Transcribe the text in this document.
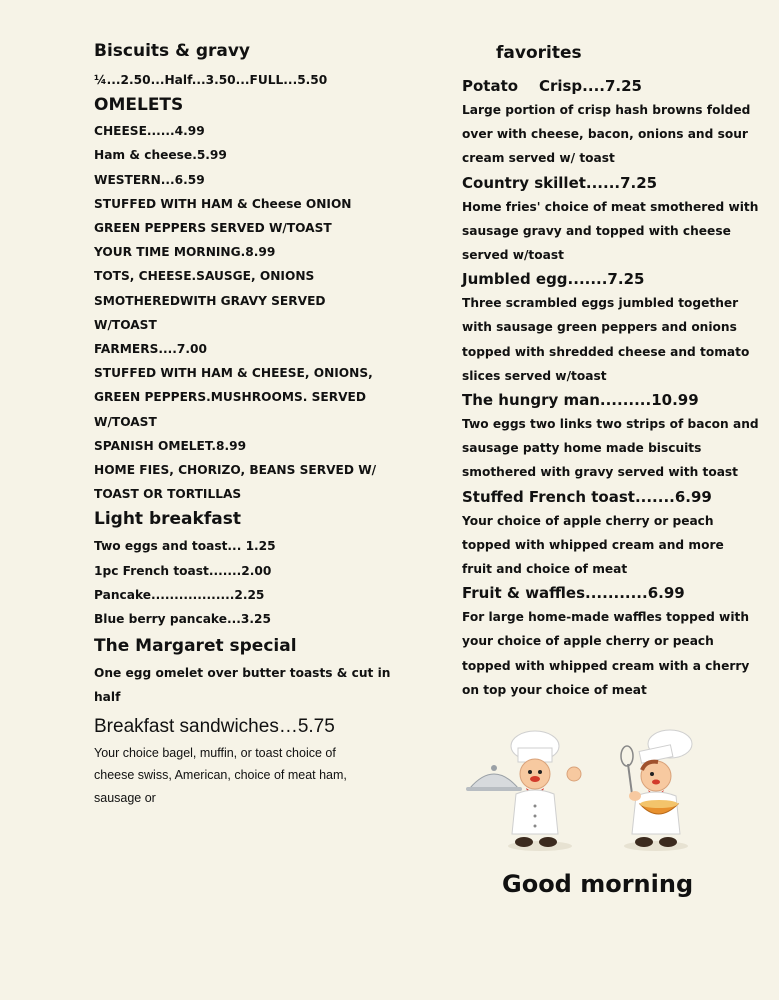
Biscuits & gravy
¼...2.50...Half...3.50...FULL...5.50
OMELETS
CHEESE......4.99
Ham & cheese.5.99
WESTERN...6.59
STUFFED WITH HAM & Cheese ONION
GREEN PEPPERS SERVED W/TOAST
YOUR TIME MORNING.8.99
TOTS, CHEESE.SAUSGE, ONIONS
SMOTHEREDWITH GRAVY SERVED
W/TOAST
FARMERS....7.00
STUFFED WITH HAM & CHEESE, ONIONS,
GREEN PEPPERS.MUSHROOMS. SERVED
W/TOAST
SPANISH OMELET.8.99
HOME FIES, CHORIZO, BEANS SERVED W/
TOAST OR TORTILLAS
Light breakfast
Two eggs and toast... 1.25
1pc French toast.......2.00
Pancake..................2.25
Blue berry pancake...3.25
The Margaret special
One egg omelet over butter toasts & cut in
half
Breakfast sandwiches…5.75
Your choice bagel, muffin, or toast choice of
cheese swiss, American, choice of meat ham,
sausage or
favorites
Potato    Crisp....7.25
Large portion of crisp hash browns folded
over with cheese, bacon, onions and sour
cream served w/ toast
Country skillet......7.25
Home fries' choice of meat smothered with
sausage gravy and topped with cheese
served w/toast
Jumbled egg.......7.25
Three scrambled eggs jumbled together
with sausage green peppers and onions
topped with shredded cheese and tomato
slices served w/toast
The hungry man.........10.99
Two eggs two links two strips of bacon and
sausage patty home made biscuits
smothered with gravy served with toast
Stuffed French toast.......6.99
Your choice of apple cherry or peach
topped with whipped cream and more
fruit and choice of meat
Fruit & waffles...........6.99
For large home-made waffles topped with
your choice of apple cherry or peach
topped with whipped cream with a cherry
on top your choice of meat
Good morning
